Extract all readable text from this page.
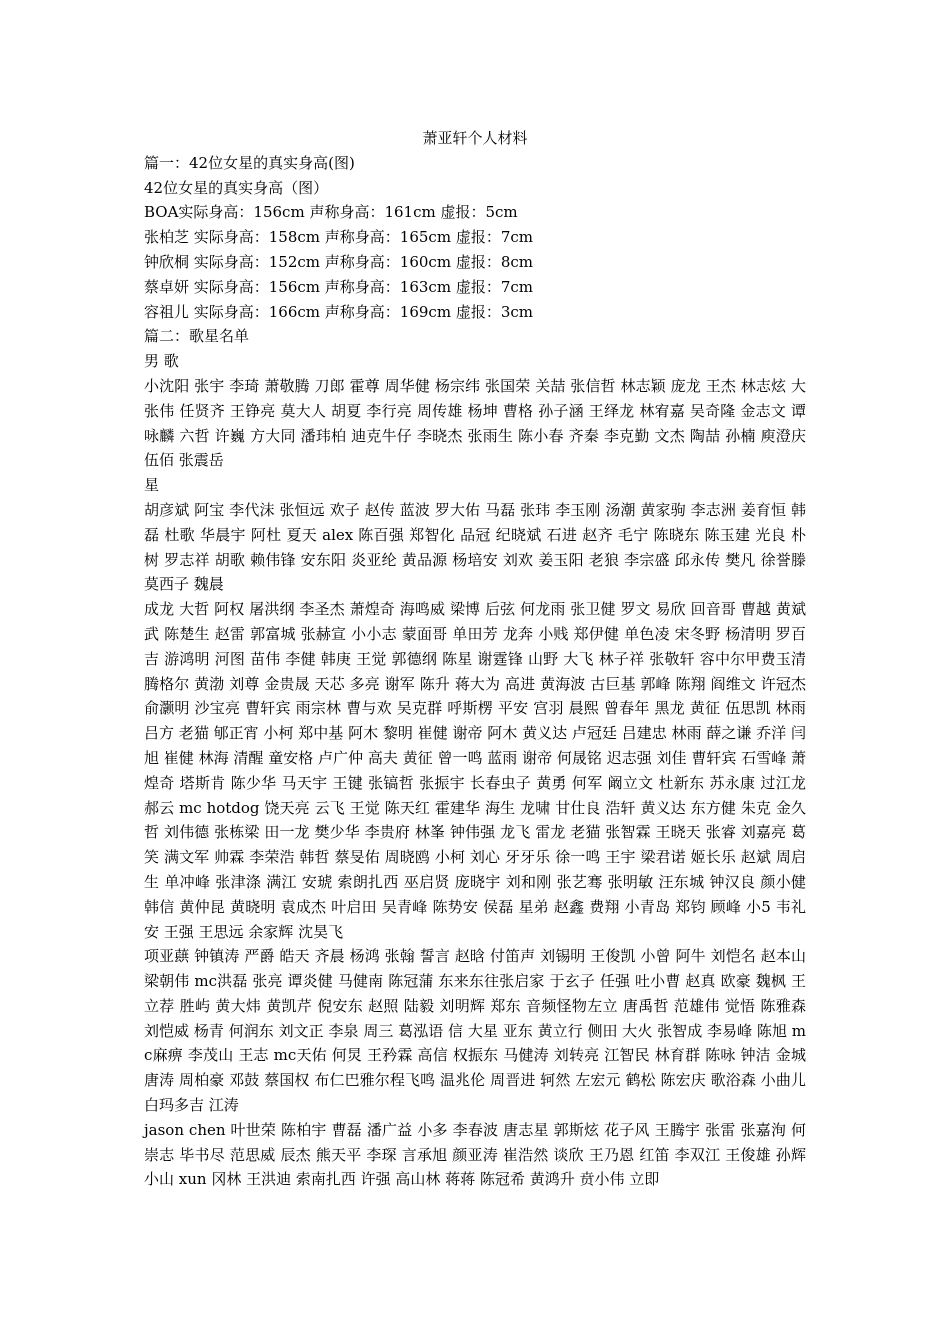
萧亚轩个人材料

篇一：42位女星的真实身高(图)

42位女星的真实身高（图）

BOA实际身高：156cm 声称身高：161cm 虚报：5cm

张柏芝 实际身高：158cm 声称身高：165cm 虚报：7cm

钟欣桐 实际身高：152cm 声称身高：160cm 虚报：8cm

蔡卓妍 实际身高：156cm 声称身高：163cm 虚报：7cm

容祖儿 实际身高：166cm 声称身高：169cm 虚报：3cm

篇二：歌星名单

男 歌

小沈阳 张宇 李琦 萧敬腾 刀郎 霍尊 周华健 杨宗纬 张国荣 关喆 张信哲 林志颖 庞龙 王杰 林志炫 大张伟 任贤齐 王铮亮 莫大人 胡夏 李行亮 周传雄 杨坤 曹格 孙子涵 王绎龙 林宥嘉 吴奇隆 金志文 谭咏麟 六哲 许巍 方大同 潘玮柏 迪克牛仔 李晓杰 张雨生 陈小春 齐秦 李克勤 文杰 陶喆 孙楠 庾澄庆 伍佰 张震岳

星

胡彦斌 阿宝 李代沫 张恒远 欢子 赵传 蓝波 罗大佑 马磊 张玮 李玉刚 汤潮 黄家驹 李志洲 姜育恒 韩磊 杜歌 华晨宇 阿杜 夏天 alex 陈百强 郑智化 品冠 纪晓斌 石进 赵齐 毛宁 陈晓东 陈玉建 光良 朴树 罗志祥 胡歌 赖伟锋 安东阳 炎亚纶 黄品源 杨培安 刘欢 姜玉阳 老狼 李宗盛 邱永传 樊凡 徐誉滕 莫西子 魏晨

成龙 大哲 阿权 屠洪纲 李圣杰 萧煌奇 海鸣威 梁博 后弦 何龙雨 张卫健 罗文 易欣 回音哥 曹越 黄斌武 陈楚生 赵雷 郭富城 张赫宣 小小志 蒙面哥 单田芳 龙奔 小贱 郑伊健 单色凌 宋冬野 杨清明 罗百吉 游鸿明 河图 苗伟 李健 韩庚 王觉 郭德纲 陈星 谢霆锋 山野 大飞 林子祥 张敬轩 容中尔甲费玉清 腾格尔 黄渤 刘尊 金贵晟 天芯 多亮 谢军 陈升 蒋大为 高进 黄海波 古巨基 郭峰 陈翔 阎维文 许冠杰 俞灏明 沙宝亮 曹轩宾 雨宗林 曹与欢 吴克群 呼斯楞 平安 宫羽 晨熙 曾春年 黑龙 黄征 伍思凯 林雨 吕方 老猫 郇正宵 小柯 郑中基 阿木 黎明 崔健 谢帝 阿木 黄义达 卢冠廷 吕建忠 林雨 薛之谦 乔洋 闫旭 崔健 林海 清醒 童安格 卢广仲 高夫 黄征 曾一鸣 蓝雨 谢帝 何晟铭 迟志强 刘佳 曹轩宾 石雪峰 萧煌奇 塔斯肯 陈少华 马天宇 王键 张镐哲 张振宇 长春虫子 黄勇 何军 阚立文 杜新东 苏永康 过江龙 郝云 mc hotdog 饶天亮 云飞 王觉 陈天红 霍建华 海生 龙啸 甘仕良 浩轩 黄义达 东方健 朱克 金久哲 刘伟德 张栋梁 田一龙 樊少华 李贵府 林峯 钟伟强 龙飞 雷龙 老猫 张智霖 王晓天 张睿 刘嘉亮 葛笑 满文军 帅霖 李荣浩 韩哲 蔡旻佑 周晓鸥 小柯 刘心 牙牙乐 徐一鸣 王宇 梁君诺 姬长乐 赵斌 周启生 单冲峰 张津涤 满江 安琥 索朗扎西 巫启贤 庞晓宇 刘和刚 张艺骞 张明敏 汪东城 钟汉良 颜小健 韩信 黄仲昆 黄晓明 袁成杰 叶启田 吴青峰 陈势安 侯磊 星弟 赵鑫 费翔 小青岛 郑钧 顾峰 小5 韦礼安 王强 王思远 余家辉 沈昊飞

项亚蕻 钟镇涛 严爵 皓天 齐晨 杨鸿 张翰 誓言 赵晗 付笛声 刘锡明 王俊凯 小曾 阿牛 刘恺名 赵本山 梁朝伟 mc洪磊 张亮 谭炎健 马健南 陈冠蒲 东来东往张启家 于玄子 任强 吐小曹 赵真 欧豪 魏枫 王立荐 胜屿 黄大炜 黄凯芹 倪安东 赵照 陆毅 刘明辉 郑东 音频怪物左立 唐禹哲 范雄伟 觉悟 陈雅森 刘恺威 杨青 何润东 刘文正 李泉 周三 葛泓语 信 大星 亚东 黄立行 侧田 大火 张智成 李易峰 陈旭 mc麻痹 李茂山 王志 mc天佑 何炅 王矜霖 高信 权振东 马健涛 刘转亮 江智民 林育群 陈咏 钟洁 金城 唐涛 周柏豪 邓鼓 蔡国权 布仁巴雅尔程飞鸣 温兆伦 周晋进 轲然 左宏元 鹤松 陈宏庆 歌浴森 小曲儿 白玛多吉 江涛

jason chen 叶世荣 陈柏宇 曹磊 潘广益 小多 李春波 唐志星 郭斯炫 花子风 王腾宇 张雷 张嘉洵 何崇志 毕书尽 范思威 辰杰 熊天平 李琛 言承旭 颜亚涛 崔浩然 谈欣 王乃恩 红笛 李双江 王俊雄 孙辉 小山 xun 冈林 王洪迪 索南扎西 许强 高山林 蒋蒋 陈冠希 黄鸿升 贲小伟 立即
